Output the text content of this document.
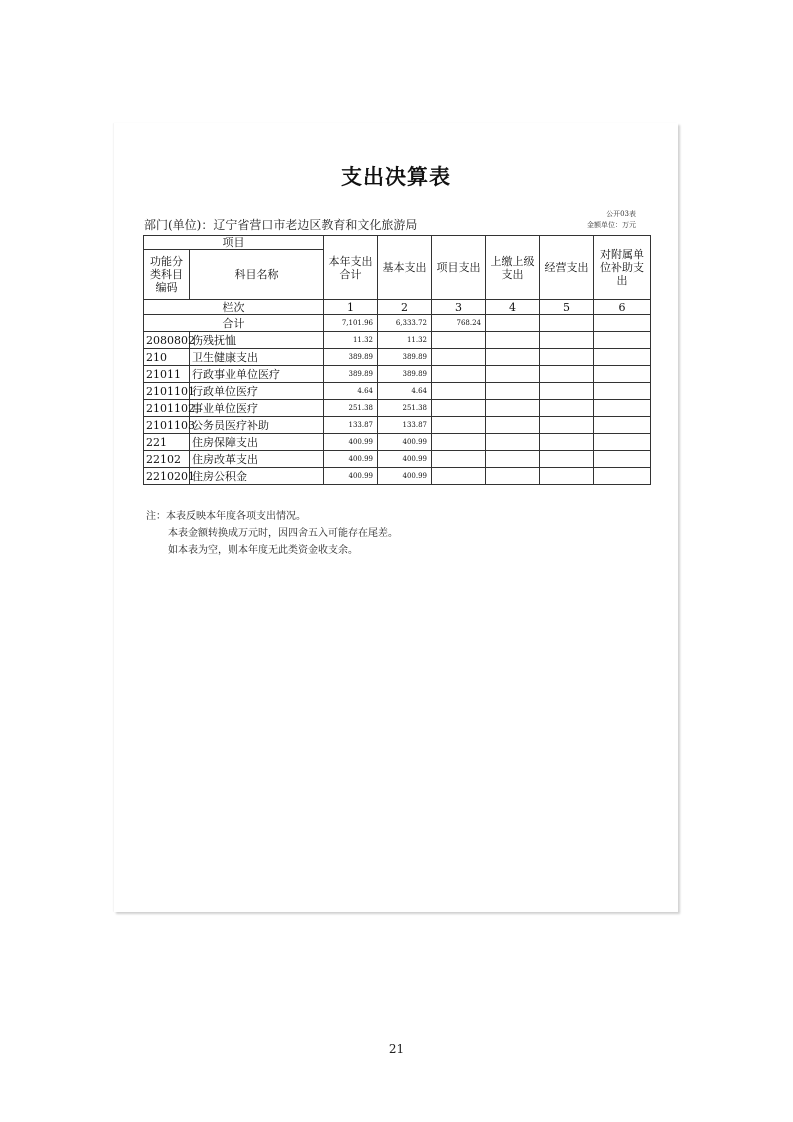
支出决算表
部门(单位)：辽宁省营口市老边区教育和文化旅游局
公开03表
金额单位：万元
项目		本年支出合计	基本支出	项目支出	上缴上级支出	经营支出	对附属单位补助支出
功能分类科目编码	科目名称						
栏次		1	2	3	4	5	6
合计		7,101.96	6,333.72	768.24			
2080802	伤残抚恤	11.32	11.32				
210	卫生健康支出	389.89	389.89				
21011	行政事业单位医疗	389.89	389.89				
2101101	行政单位医疗	4.64	4.64				
2101102	事业单位医疗	251.38	251.38				
2101103	公务员医疗补助	133.87	133.87				
221	住房保障支出	400.99	400.99				
22102	住房改革支出	400.99	400.99				
2210201	住房公积金	400.99	400.99				
注：本表反映本年度各项支出情况。
本表金额转换成万元时，因四舍五入可能存在尾差。
如本表为空，则本年度无此类资金收支余。
21
